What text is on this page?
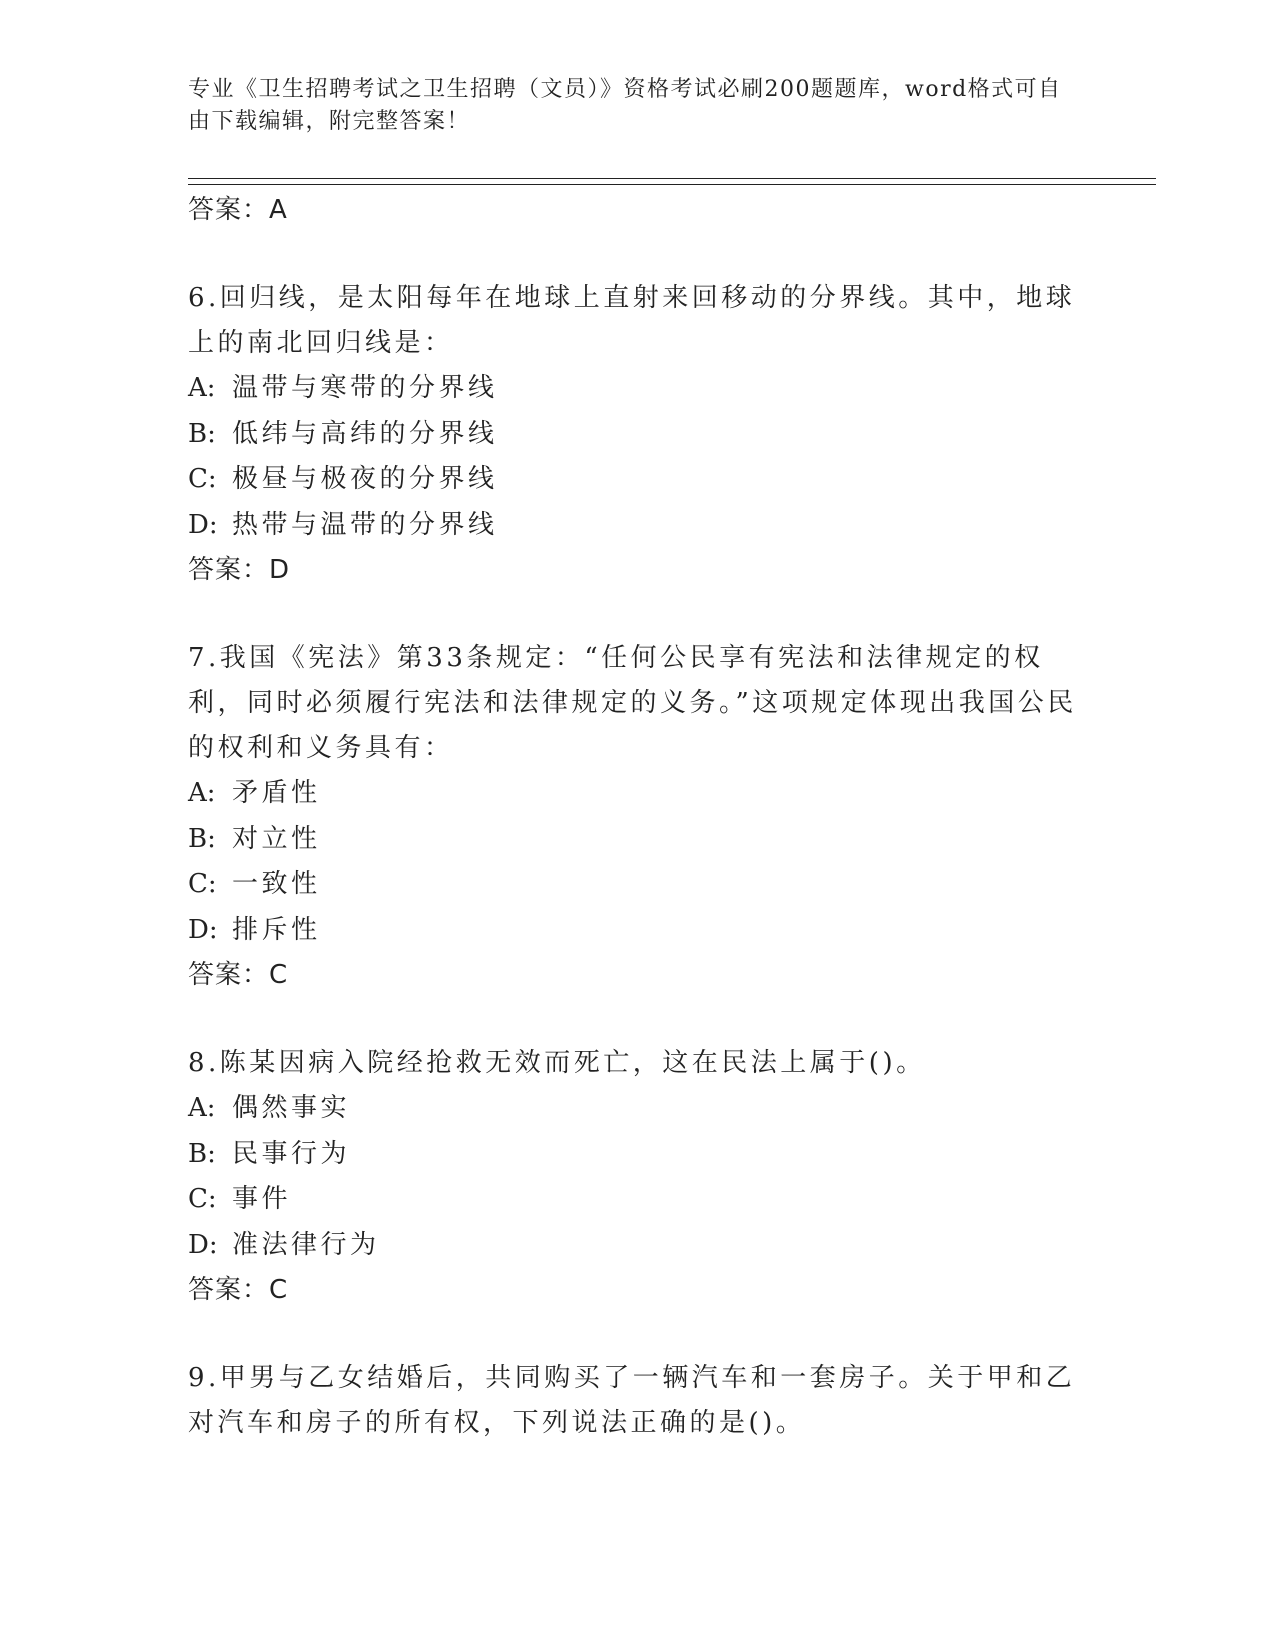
专业《卫生招聘考试之卫生招聘（文员）》资格考试必刷200题题库，word格式可自由下载编辑，附完整答案！
答案：A
6.回归线，是太阳每年在地球上直射来回移动的分界线。其中，地球上的南北回归线是：
A: 温带与寒带的分界线
B: 低纬与高纬的分界线
C: 极昼与极夜的分界线
D: 热带与温带的分界线
答案：D
7.我国《宪法》第33条规定：“任何公民享有宪法和法律规定的权利，同时必须履行宪法和法律规定的义务。”这项规定体现出我国公民的权利和义务具有：
A: 矛盾性
B: 对立性
C: 一致性
D: 排斥性
答案：C
8.陈某因病入院经抢救无效而死亡，这在民法上属于()。
A: 偶然事实
B: 民事行为
C: 事件
D: 准法律行为
答案：C
9.甲男与乙女结婚后，共同购买了一辆汽车和一套房子。关于甲和乙对汽车和房子的所有权，下列说法正确的是()。
